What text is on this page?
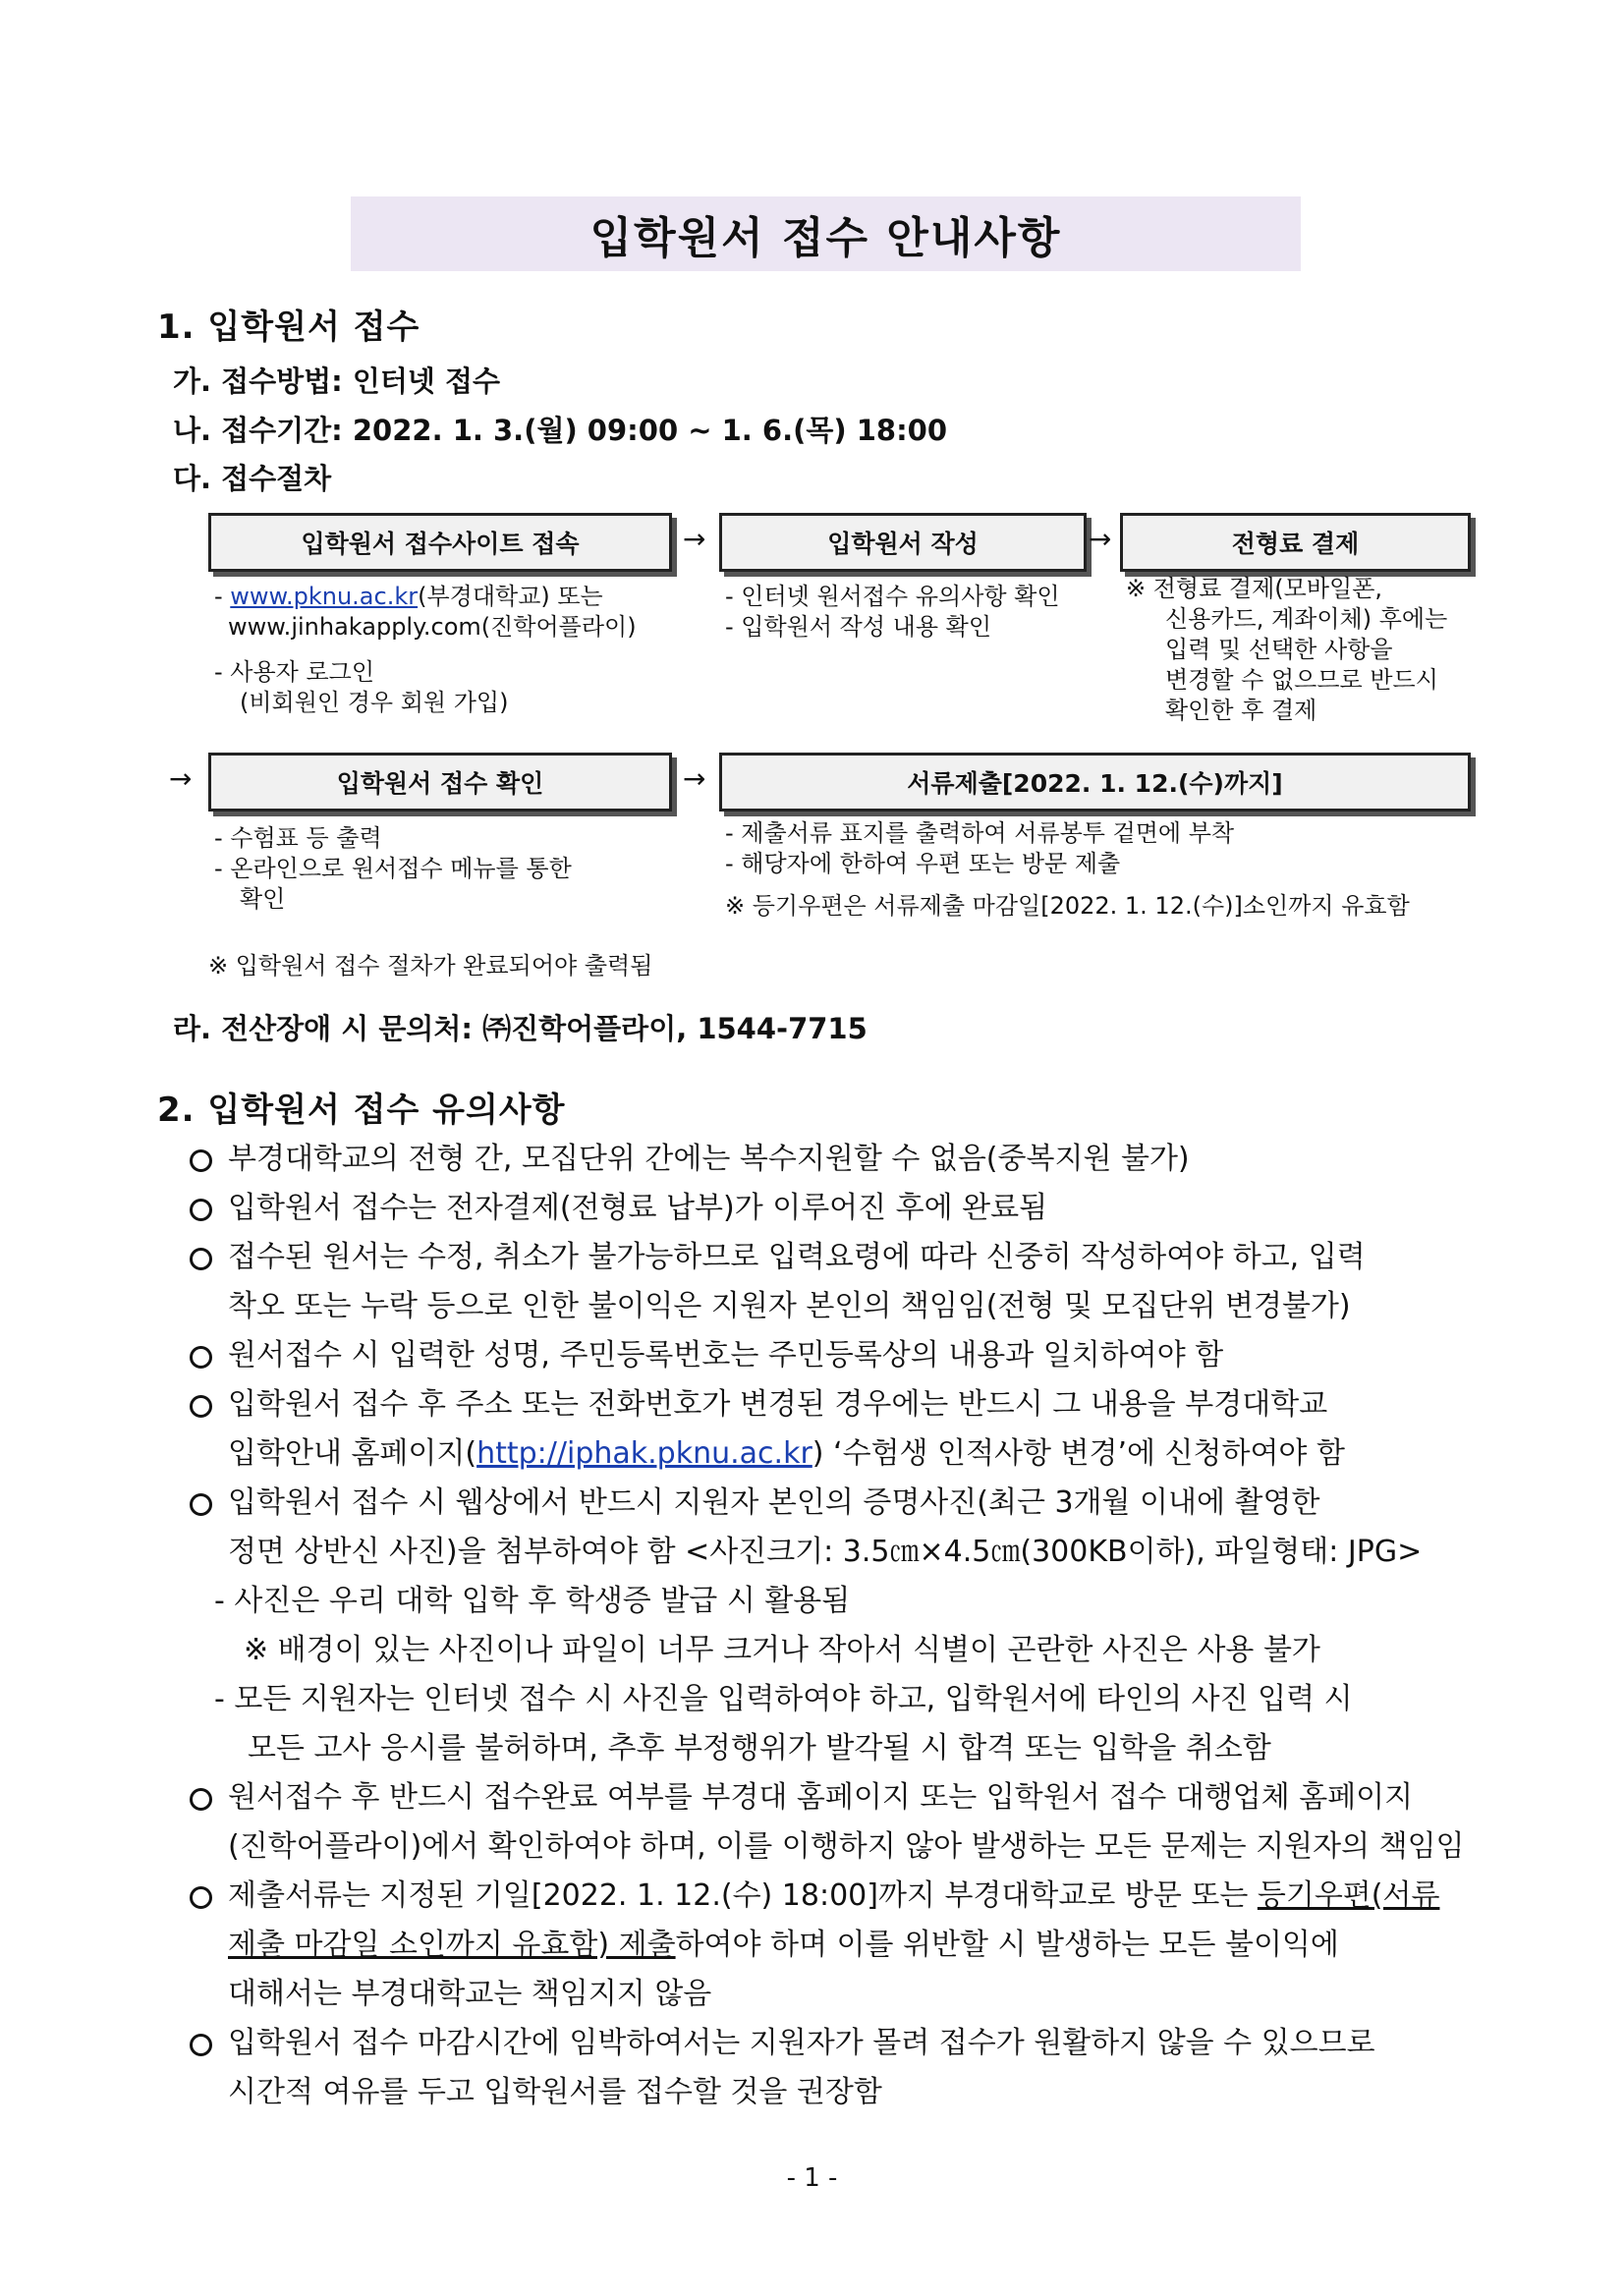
입학원서 접수 안내사항
1. 입학원서 접수
가. 접수방법: 인터넷 접수
나. 접수기간: 2022. 1. 3.(월) 09:00 ~ 1. 6.(목) 18:00
다. 접수절차
입학원서 접수사이트 접속	→	입학원서 작성	→	전형료 결제
- www.pknu.ac.kr(부경대학교) 또는
www.jinhakapply.com(진학어플라이)
- 사용자 로그인
(비회원인 경우 회원 가입)
- 인터넷 원서접수 유의사항 확인
- 입학원서 작성 내용 확인
※ 전형료 결제(모바일폰,
신용카드, 계좌이체) 후에는
입력 및 선택한 사항을
변경할 수 없으므로 반드시
확인한 후 결제
→	입학원서 접수 확인	→	서류제출[2022. 1. 12.(수)까지]
- 수험표 등 출력
- 온라인으로 원서접수 메뉴를 통한
확인
- 제출서류 표지를 출력하여 서류봉투 겉면에 부착
- 해당자에 한하여 우편 또는 방문 제출
※ 등기우편은 서류제출 마감일[2022. 1. 12.(수)]소인까지 유효함
※ 입학원서 접수 절차가 완료되어야 출력됨
라. 전산장애 시 문의처: ㈜진학어플라이, 1544-7715
2. 입학원서 접수 유의사항
부경대학교의 전형 간, 모집단위 간에는 복수지원할 수 없음(중복지원 불가)
입학원서 접수는 전자결제(전형료 납부)가 이루어진 후에 완료됨
접수된 원서는 수정, 취소가 불가능하므로 입력요령에 따라 신중히 작성하여야 하고, 입력
착오 또는 누락 등으로 인한 불이익은 지원자 본인의 책임임(전형 및 모집단위 변경불가)
원서접수 시 입력한 성명, 주민등록번호는 주민등록상의 내용과 일치하여야 함
입학원서 접수 후 주소 또는 전화번호가 변경된 경우에는 반드시 그 내용을 부경대학교
입학안내 홈페이지(http://iphak.pknu.ac.kr) ‘수험생 인적사항 변경’에 신청하여야 함
입학원서 접수 시 웹상에서 반드시 지원자 본인의 증명사진(최근 3개월 이내에 촬영한
정면 상반신 사진)을 첨부하여야 함 <사진크기: 3.5㎝×4.5㎝(300KB이하), 파일형태: JPG>
- 사진은 우리 대학 입학 후 학생증 발급 시 활용됨
※ 배경이 있는 사진이나 파일이 너무 크거나 작아서 식별이 곤란한 사진은 사용 불가
- 모든 지원자는 인터넷 접수 시 사진을 입력하여야 하고, 입학원서에 타인의 사진 입력 시
모든 고사 응시를 불허하며, 추후 부정행위가 발각될 시 합격 또는 입학을 취소함
원서접수 후 반드시 접수완료 여부를 부경대 홈페이지 또는 입학원서 접수 대행업체 홈페이지
(진학어플라이)에서 확인하여야 하며, 이를 이행하지 않아 발생하는 모든 문제는 지원자의 책임임
제출서류는 지정된 기일[2022. 1. 12.(수) 18:00]까지 부경대학교로 방문 또는 등기우편(서류
제출 마감일 소인까지 유효함) 제출하여야 하며 이를 위반할 시 발생하는 모든 불이익에
대해서는 부경대학교는 책임지지 않음
입학원서 접수 마감시간에 임박하여서는 지원자가 몰려 접수가 원활하지 않을 수 있으므로
시간적 여유를 두고 입학원서를 접수할 것을 권장함
- 1 -
